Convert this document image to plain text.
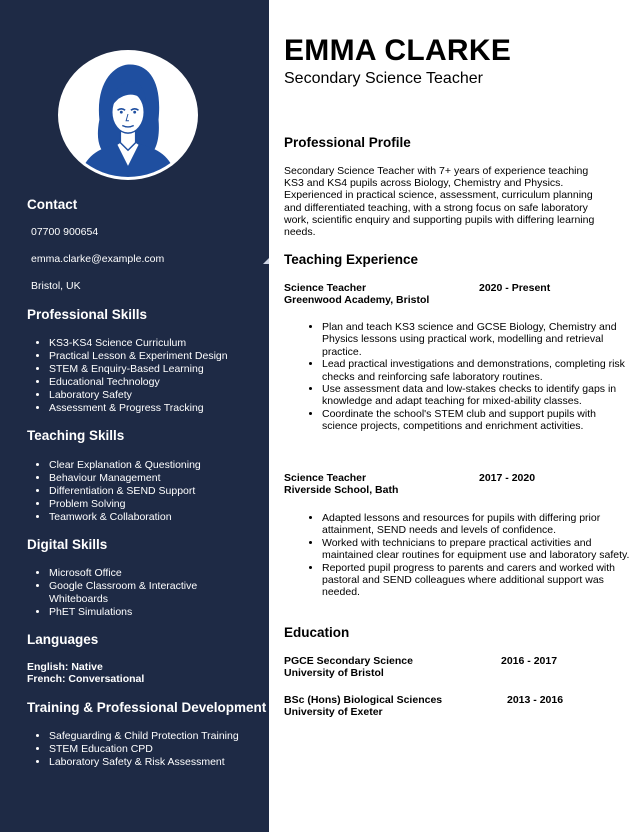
Contact
07700 900654
emma.clarke@example.com
Bristol, UK
Professional Skills
• KS3-KS4 Science Curriculum
• Practical Lesson & Experiment Design
• STEM & Enquiry-Based Learning
• Educational Technology
• Laboratory Safety
• Assessment & Progress Tracking
Teaching Skills
• Clear Explanation & Questioning
• Behaviour Management
• Differentiation & SEND Support
• Problem Solving
• Teamwork & Collaboration
Digital Skills
• Microsoft Office
• Google Classroom & Interactive Whiteboards
• PhET Simulations
Languages
English: Native
French: Conversational
Training & Professional Development
• Safeguarding & Child Protection Training
• STEM Education CPD
• Laboratory Safety & Risk Assessment
EMMA CLARKE
Secondary Science Teacher
Professional Profile
Secondary Science Teacher with 7+ years of experience teaching KS3 and KS4 pupils across Biology, Chemistry and Physics. Experienced in practical science, assessment, curriculum planning and differentiated teaching, with a strong focus on safe laboratory work, scientific enquiry and supporting pupils with differing learning needs.
Teaching Experience
Science Teacher	2020 - Present
Greenwood Academy, Bristol
• Plan and teach KS3 science and GCSE Biology, Chemistry and Physics lessons using practical work, modelling and retrieval practice.
• Lead practical investigations and demonstrations, completing risk checks and reinforcing safe laboratory routines.
• Use assessment data and low-stakes checks to identify gaps in knowledge and adapt teaching for mixed-ability classes.
• Coordinate the school's STEM club and support pupils with science projects, competitions and enrichment activities.
Science Teacher	2017 - 2020
Riverside School, Bath
• Adapted lessons and resources for pupils with differing prior attainment, SEND needs and levels of confidence.
• Worked with technicians to prepare practical activities and maintained clear routines for equipment use and laboratory safety.
• Reported pupil progress to parents and carers and worked with pastoral and SEND colleagues where additional support was needed.
Education
PGCE Secondary Science	2016 - 2017
University of Bristol
BSc (Hons) Biological Sciences	2013 - 2016
University of Exeter
